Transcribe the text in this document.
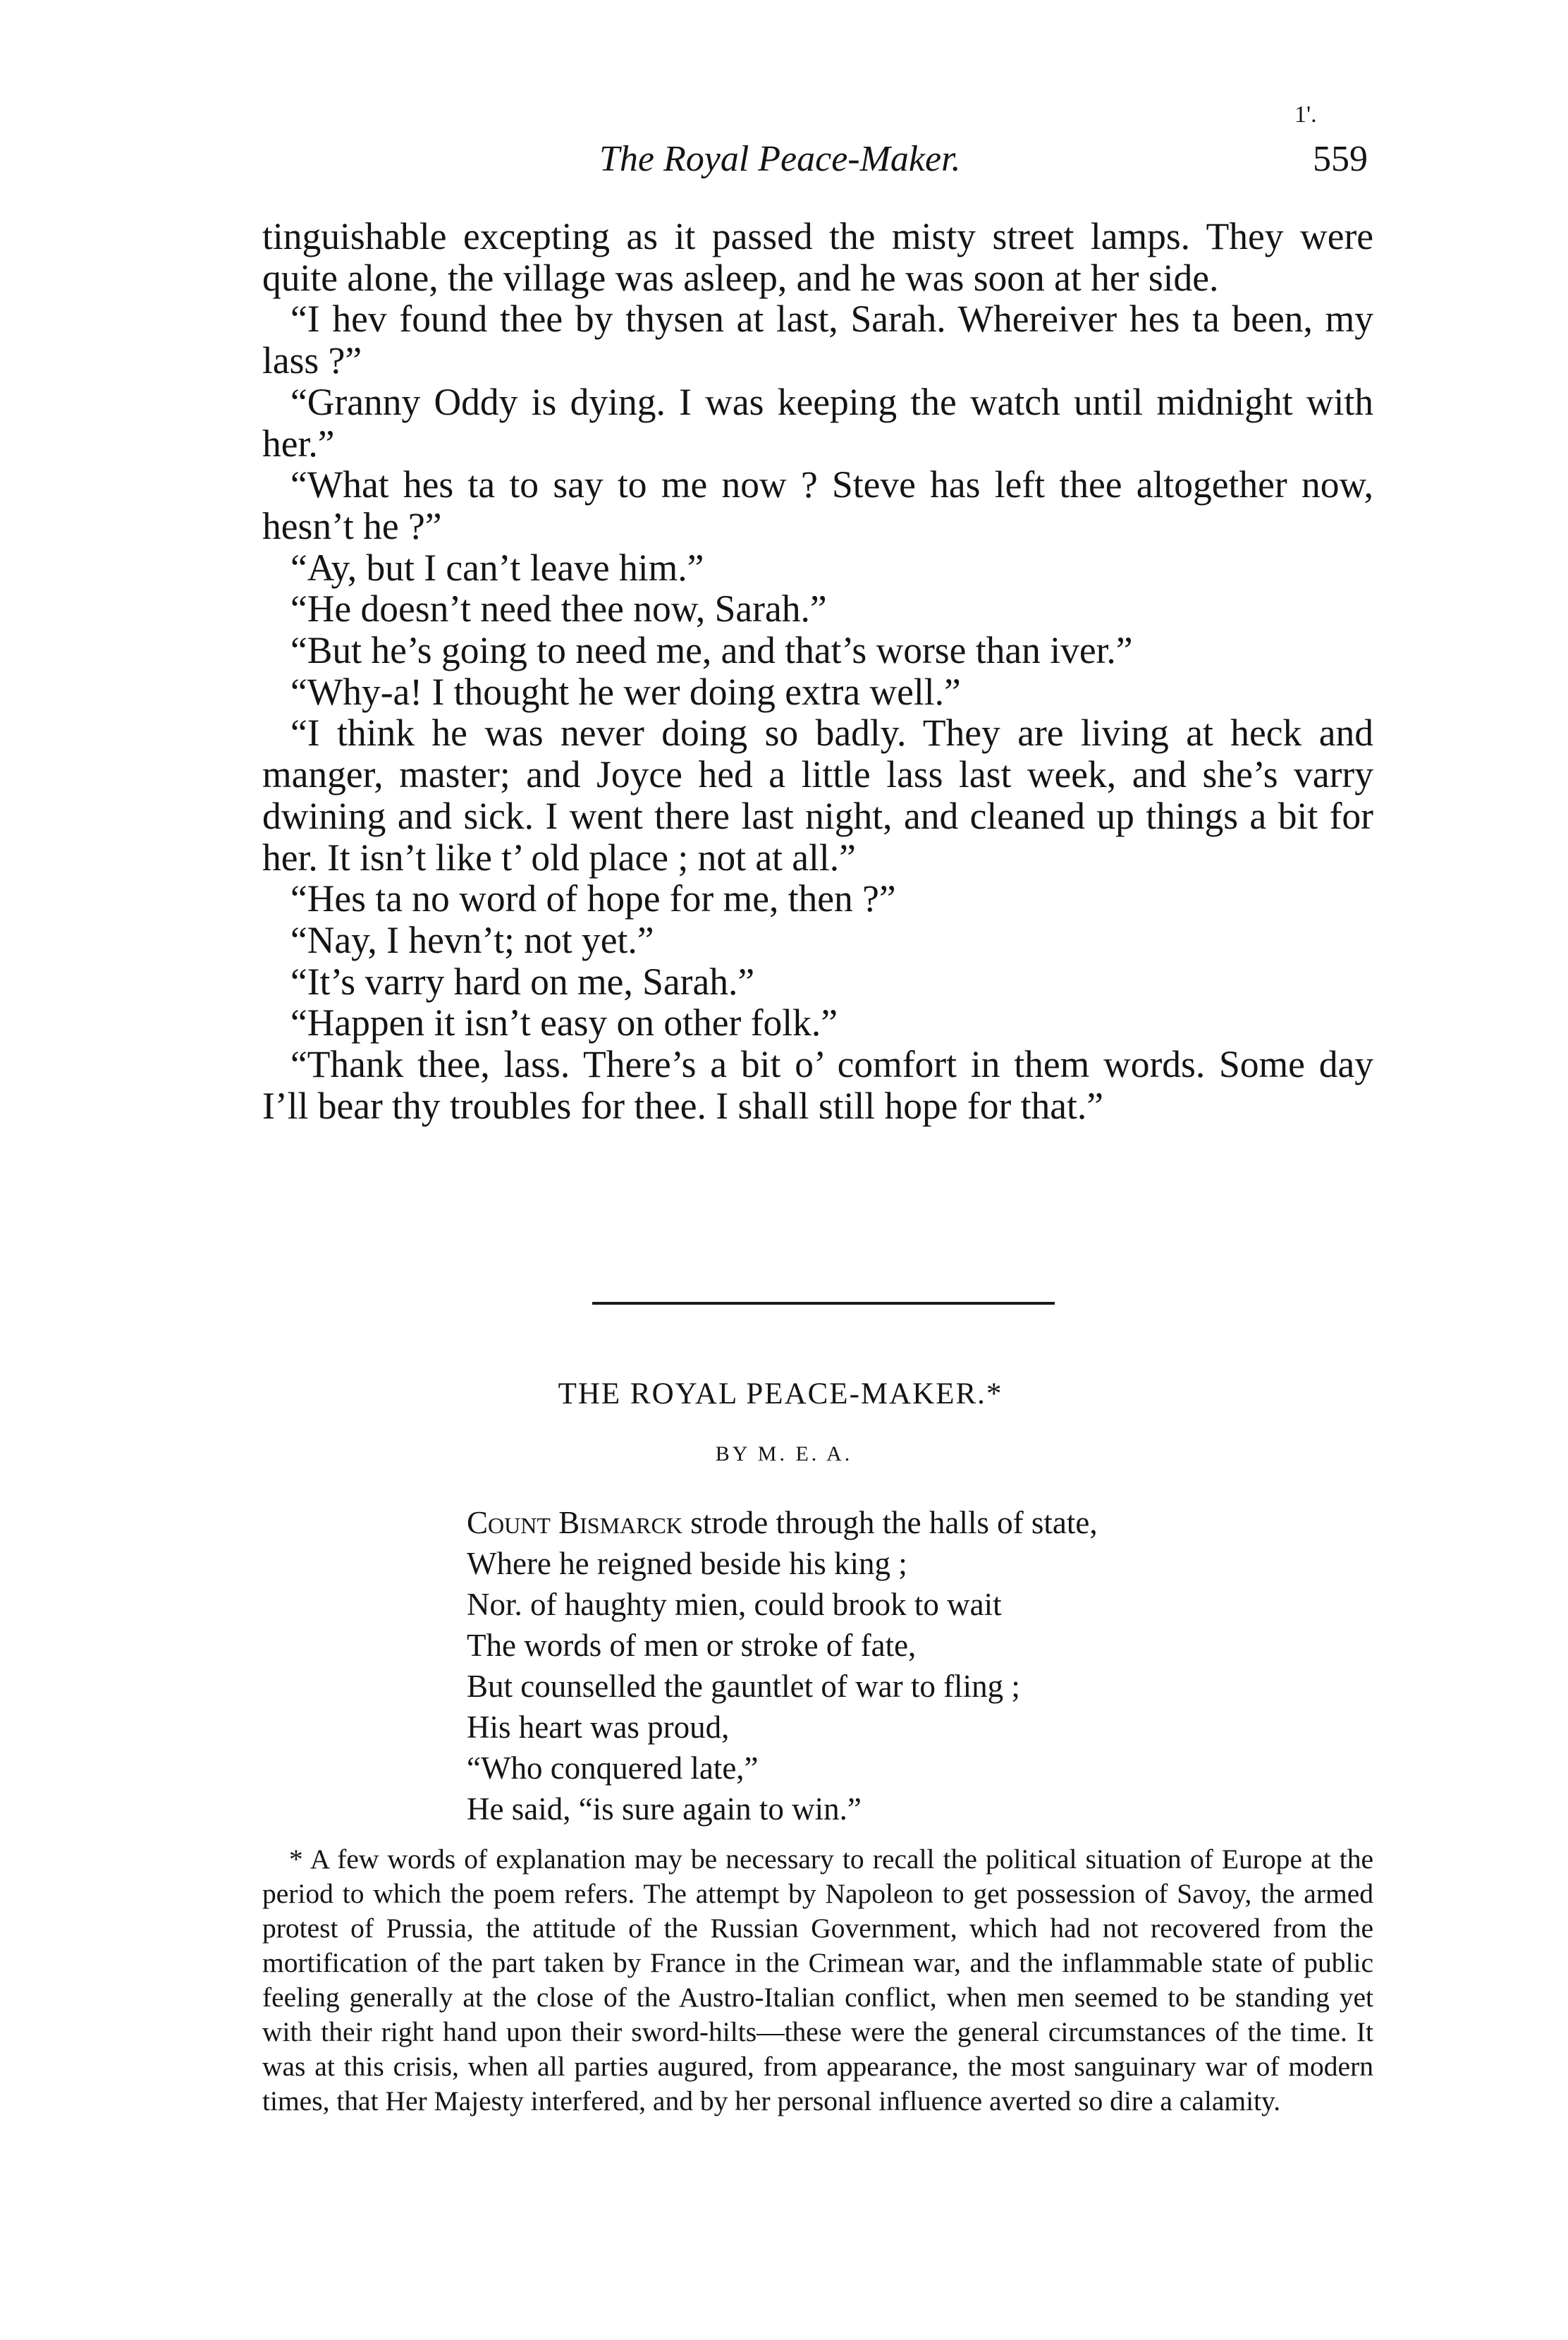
1'.
The Royal Peace-Maker.	559

tinguishable excepting as it passed the misty street lamps. They were quite alone, the village was asleep, and he was soon at her side.

“I hev found thee by thysen at last, Sarah. Whereiver hes ta been, my lass ?”

“Granny Oddy is dying. I was keeping the watch until midnight with her.”

“What hes ta to say to me now ? Steve has left thee altogether now, hesn’t he ?”

“Ay, but I can’t leave him.”

“He doesn’t need thee now, Sarah.”

“But he’s going to need me, and that’s worse than iver.”

“Why-a! I thought he wer doing extra well.”

“I think he was never doing so badly. They are living at heck and manger, master; and Joyce hed a little lass last week, and she’s varry dwining and sick. I went there last night, and cleaned up things a bit for her. It isn’t like t’ old place ; not at all.”

“Hes ta no word of hope for me, then ?”

“Nay, I hevn’t; not yet.”

“It’s varry hard on me, Sarah.”

“Happen it isn’t easy on other folk.”

“Thank thee, lass. There’s a bit o’ comfort in them words. Some day I’ll bear thy troubles for thee. I shall still hope for that.”

THE ROYAL PEACE-MAKER.*
BY M. E. A.
Count Bismarck strode through the halls of state,
Where he reigned beside his king ;
Nor. of haughty mien, could brook to wait
The words of men or stroke of fate,
But counselled the gauntlet of war to fling ;
His heart was proud,
“Who conquered late,”
He said, “is sure again to win.”

* A few words of explanation may be necessary to recall the political situation of Europe at the period to which the poem refers. The attempt by Napoleon to get possession of Savoy, the armed protest of Prussia, the attitude of the Russian Government, which had not recovered from the mortification of the part taken by France in the Crimean war, and the inflammable state of public feeling generally at the close of the Austro-Italian conflict, when men seemed to be standing yet with their right hand upon their sword-hilts—these were the general circumstances of the time. It was at this crisis, when all parties augured, from appearance, the most sanguinary war of modern times, that Her Majesty interfered, and by her personal influence averted so dire a calamity.
